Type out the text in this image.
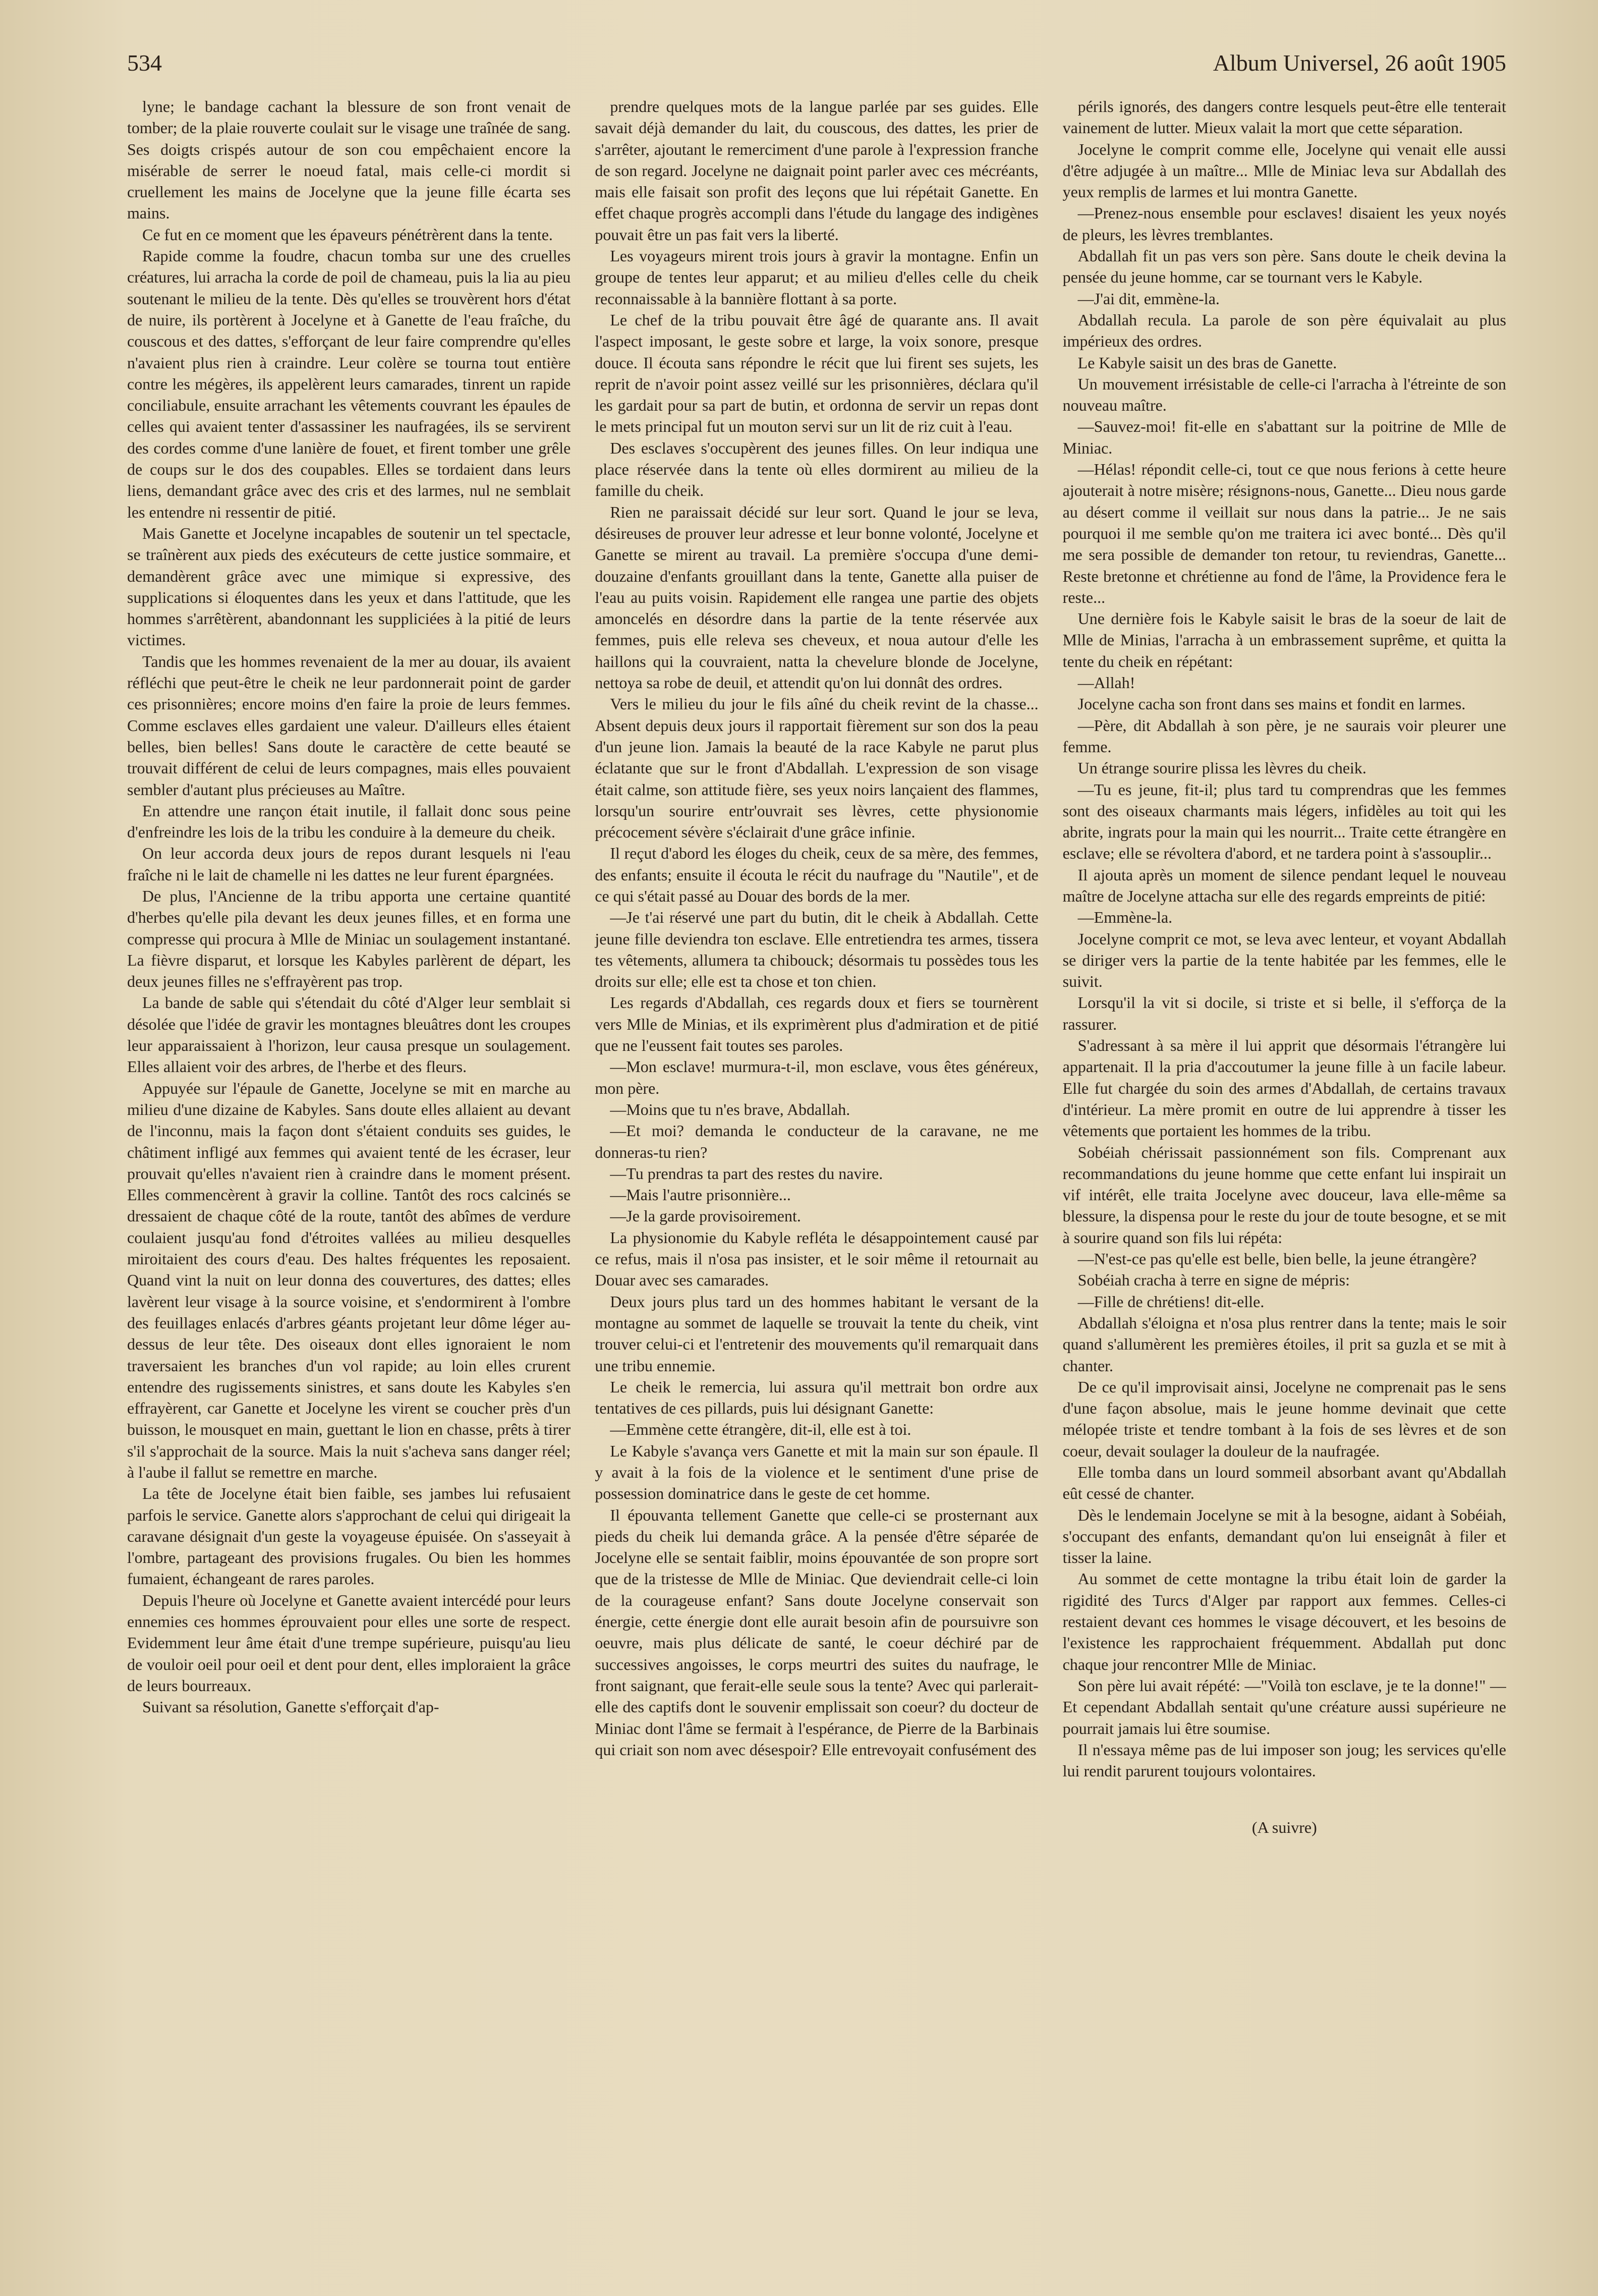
534	Album Universel, 26 août 1905

lyne; le bandage cachant la blessure de son front venait de tomber; de la plaie rouverte coulait sur le visage une traînée de sang. Ses doigts crispés autour de son cou empêchaient encore la misérable de serrer le noeud fatal, mais celle-ci mordit si cruellement les mains de Jocelyne que la jeune fille écarta ses mains.

Ce fut en ce moment que les épaveurs pénétrèrent dans la tente.

Rapide comme la foudre, chacun tomba sur une des cruelles créatures, lui arracha la corde de poil de chameau, puis la lia au pieu soutenant le milieu de la tente. Dès qu'elles se trouvèrent hors d'état de nuire, ils portèrent à Jocelyne et à Ganette de l'eau fraîche, du couscous et des dattes, s'efforçant de leur faire comprendre qu'elles n'avaient plus rien à craindre. Leur colère se tourna tout entière contre les mégères, ils appelèrent leurs camarades, tinrent un rapide conciliabule, ensuite arrachant les vêtements couvrant les épaules de celles qui avaient tenter d'assassiner les naufragées, ils se servirent des cordes comme d'une lanière de fouet, et firent tomber une grêle de coups sur le dos des coupables. Elles se tordaient dans leurs liens, demandant grâce avec des cris et des larmes, nul ne semblait les entendre ni ressentir de pitié.

Mais Ganette et Jocelyne incapables de soutenir un tel spectacle, se traînèrent aux pieds des exécuteurs de cette justice sommaire, et demandèrent grâce avec une mimique si expressive, des supplications si éloquentes dans les yeux et dans l'attitude, que les hommes s'arrêtèrent, abandonnant les suppliciées à la pitié de leurs victimes.

Tandis que les hommes revenaient de la mer au douar, ils avaient réfléchi que peut-être le cheik ne leur pardonnerait point de garder ces prisonnières; encore moins d'en faire la proie de leurs femmes. Comme esclaves elles gardaient une valeur. D'ailleurs elles étaient belles, bien belles! Sans doute le caractère de cette beauté se trouvait différent de celui de leurs compagnes, mais elles pouvaient sembler d'autant plus précieuses au Maître.

En attendre une rançon était inutile, il fallait donc sous peine d'enfreindre les lois de la tribu les conduire à la demeure du cheik.

On leur accorda deux jours de repos durant lesquels ni l'eau fraîche ni le lait de chamelle ni les dattes ne leur furent épargnées.

De plus, l'Ancienne de la tribu apporta une certaine quantité d'herbes qu'elle pila devant les deux jeunes filles, et en forma une compresse qui procura à Mlle de Miniac un soulagement instantané. La fièvre disparut, et lorsque les Kabyles parlèrent de départ, les deux jeunes filles ne s'effrayèrent pas trop.

La bande de sable qui s'étendait du côté d'Alger leur semblait si désolée que l'idée de gravir les montagnes bleuâtres dont les croupes leur apparaissaient à l'horizon, leur causa presque un soulagement. Elles allaient voir des arbres, de l'herbe et des fleurs.

Appuyée sur l'épaule de Ganette, Jocelyne se mit en marche au milieu d'une dizaine de Kabyles. Sans doute elles allaient au devant de l'inconnu, mais la façon dont s'étaient conduits ses guides, le châtiment infligé aux femmes qui avaient tenté de les écraser, leur prouvait qu'elles n'avaient rien à craindre dans le moment présent. Elles commencèrent à gravir la colline. Tantôt des rocs calcinés se dressaient de chaque côté de la route, tantôt des abîmes de verdure coulaient jusqu'au fond d'étroites vallées au milieu desquelles miroitaient des cours d'eau. Des haltes fréquentes les reposaient. Quand vint la nuit on leur donna des couvertures, des dattes; elles lavèrent leur visage à la source voisine, et s'endormirent à l'ombre des feuillages enlacés d'arbres géants projetant leur dôme léger au-dessus de leur tête. Des oiseaux dont elles ignoraient le nom traversaient les branches d'un vol rapide; au loin elles crurent entendre des rugissements sinistres, et sans doute les Kabyles s'en effrayèrent, car Ganette et Jocelyne les virent se coucher près d'un buisson, le mousquet en main, guettant le lion en chasse, prêts à tirer s'il s'approchait de la source. Mais la nuit s'acheva sans danger réel; à l'aube il fallut se remettre en marche.

La tête de Jocelyne était bien faible, ses jambes lui refusaient parfois le service. Ganette alors s'approchant de celui qui dirigeait la caravane désignait d'un geste la voyageuse épuisée. On s'asseyait à l'ombre, partageant des provisions frugales. Ou bien les hommes fumaient, échangeant de rares paroles.

Depuis l'heure où Jocelyne et Ganette avaient intercédé pour leurs ennemies ces hommes éprouvaient pour elles une sorte de respect. Evidemment leur âme était d'une trempe supérieure, puisqu'au lieu de vouloir oeil pour oeil et dent pour dent, elles imploraient la grâce de leurs bourreaux.

Suivant sa résolution, Ganette s'efforçait d'ap-

prendre quelques mots de la langue parlée par ses guides. Elle savait déjà demander du lait, du couscous, des dattes, les prier de s'arrêter, ajoutant le remerciment d'une parole à l'expression franche de son regard. Jocelyne ne daignait point parler avec ces mécréants, mais elle faisait son profit des leçons que lui répétait Ganette. En effet chaque progrès accompli dans l'étude du langage des indigènes pouvait être un pas fait vers la liberté.

Les voyageurs mirent trois jours à gravir la montagne. Enfin un groupe de tentes leur apparut; et au milieu d'elles celle du cheik reconnaissable à la bannière flottant à sa porte.

Le chef de la tribu pouvait être âgé de quarante ans. Il avait l'aspect imposant, le geste sobre et large, la voix sonore, presque douce. Il écouta sans répondre le récit que lui firent ses sujets, les reprit de n'avoir point assez veillé sur les prisonnières, déclara qu'il les gardait pour sa part de butin, et ordonna de servir un repas dont le mets principal fut un mouton servi sur un lit de riz cuit à l'eau.

Des esclaves s'occupèrent des jeunes filles. On leur indiqua une place réservée dans la tente où elles dormirent au milieu de la famille du cheik.

Rien ne paraissait décidé sur leur sort. Quand le jour se leva, désireuses de prouver leur adresse et leur bonne volonté, Jocelyne et Ganette se mirent au travail. La première s'occupa d'une demi-douzaine d'enfants grouillant dans la tente, Ganette alla puiser de l'eau au puits voisin. Rapidement elle rangea une partie des objets amoncelés en désordre dans la partie de la tente réservée aux femmes, puis elle releva ses cheveux, et noua autour d'elle les haillons qui la couvraient, natta la chevelure blonde de Jocelyne, nettoya sa robe de deuil, et attendit qu'on lui donnât des ordres.

Vers le milieu du jour le fils aîné du cheik revint de la chasse... Absent depuis deux jours il rapportait fièrement sur son dos la peau d'un jeune lion. Jamais la beauté de la race Kabyle ne parut plus éclatante que sur le front d'Abdallah. L'expression de son visage était calme, son attitude fière, ses yeux noirs lançaient des flammes, lorsqu'un sourire entr'ouvrait ses lèvres, cette physionomie précocement sévère s'éclairait d'une grâce infinie.

Il reçut d'abord les éloges du cheik, ceux de sa mère, des femmes, des enfants; ensuite il écouta le récit du naufrage du "Nautile", et de ce qui s'était passé au Douar des bords de la mer.

—Je t'ai réservé une part du butin, dit le cheik à Abdallah. Cette jeune fille deviendra ton esclave. Elle entretiendra tes armes, tissera tes vêtements, allumera ta chibouck; désormais tu possèdes tous les droits sur elle; elle est ta chose et ton chien.

Les regards d'Abdallah, ces regards doux et fiers se tournèrent vers Mlle de Minias, et ils exprimèrent plus d'admiration et de pitié que ne l'eussent fait toutes ses paroles.

—Mon esclave! murmura-t-il, mon esclave, vous êtes généreux, mon père.

—Moins que tu n'es brave, Abdallah.

—Et moi? demanda le conducteur de la caravane, ne me donneras-tu rien?

—Tu prendras ta part des restes du navire.

—Mais l'autre prisonnière...

—Je la garde provisoirement.

La physionomie du Kabyle refléta le désappointement causé par ce refus, mais il n'osa pas insister, et le soir même il retournait au Douar avec ses camarades.

Deux jours plus tard un des hommes habitant le versant de la montagne au sommet de laquelle se trouvait la tente du cheik, vint trouver celui-ci et l'entretenir des mouvements qu'il remarquait dans une tribu ennemie.

Le cheik le remercia, lui assura qu'il mettrait bon ordre aux tentatives de ces pillards, puis lui désignant Ganette:

—Emmène cette étrangère, dit-il, elle est à toi.

Le Kabyle s'avança vers Ganette et mit la main sur son épaule. Il y avait à la fois de la violence et le sentiment d'une prise de possession dominatrice dans le geste de cet homme.

Il épouvanta tellement Ganette que celle-ci se prosternant aux pieds du cheik lui demanda grâce. A la pensée d'être séparée de Jocelyne elle se sentait faiblir, moins épouvantée de son propre sort que de la tristesse de Mlle de Miniac. Que deviendrait celle-ci loin de la courageuse enfant? Sans doute Jocelyne conservait son énergie, cette énergie dont elle aurait besoin afin de poursuivre son oeuvre, mais plus délicate de santé, le coeur déchiré par de successives angoisses, le corps meurtri des suites du naufrage, le front saignant, que ferait-elle seule sous la tente? Avec qui parlerait-elle des captifs dont le souvenir emplissait son coeur? du docteur de Miniac dont l'âme se fermait à l'espérance, de Pierre de la Barbinais qui criait son nom avec désespoir? Elle entrevoyait confusément des

périls ignorés, des dangers contre lesquels peut-être elle tenterait vainement de lutter. Mieux valait la mort que cette séparation.

Jocelyne le comprit comme elle, Jocelyne qui venait elle aussi d'être adjugée à un maître... Mlle de Miniac leva sur Abdallah des yeux remplis de larmes et lui montra Ganette.

—Prenez-nous ensemble pour esclaves! disaient les yeux noyés de pleurs, les lèvres tremblantes.

Abdallah fit un pas vers son père. Sans doute le cheik devina la pensée du jeune homme, car se tournant vers le Kabyle.

—J'ai dit, emmène-la.

Abdallah recula. La parole de son père équivalait au plus impérieux des ordres.

Le Kabyle saisit un des bras de Ganette.

Un mouvement irrésistable de celle-ci l'arracha à l'étreinte de son nouveau maître.

—Sauvez-moi! fit-elle en s'abattant sur la poitrine de Mlle de Miniac.

—Hélas! répondit celle-ci, tout ce que nous ferions à cette heure ajouterait à notre misère; résignons-nous, Ganette... Dieu nous garde au désert comme il veillait sur nous dans la patrie... Je ne sais pourquoi il me semble qu'on me traitera ici avec bonté... Dès qu'il me sera possible de demander ton retour, tu reviendras, Ganette... Reste bretonne et chrétienne au fond de l'âme, la Providence fera le reste...

Une dernière fois le Kabyle saisit le bras de la soeur de lait de Mlle de Minias, l'arracha à un embrassement suprême, et quitta la tente du cheik en répétant:

—Allah!

Jocelyne cacha son front dans ses mains et fondit en larmes.

—Père, dit Abdallah à son père, je ne saurais voir pleurer une femme.

Un étrange sourire plissa les lèvres du cheik.

—Tu es jeune, fit-il; plus tard tu comprendras que les femmes sont des oiseaux charmants mais légers, infidèles au toit qui les abrite, ingrats pour la main qui les nourrit... Traite cette étrangère en esclave; elle se révoltera d'abord, et ne tardera point à s'assouplir...

Il ajouta après un moment de silence pendant lequel le nouveau maître de Jocelyne attacha sur elle des regards empreints de pitié:

—Emmène-la.

Jocelyne comprit ce mot, se leva avec lenteur, et voyant Abdallah se diriger vers la partie de la tente habitée par les femmes, elle le suivit.

Lorsqu'il la vit si docile, si triste et si belle, il s'efforça de la rassurer.

S'adressant à sa mère il lui apprit que désormais l'étrangère lui appartenait. Il la pria d'accoutumer la jeune fille à un facile labeur. Elle fut chargée du soin des armes d'Abdallah, de certains travaux d'intérieur. La mère promit en outre de lui apprendre à tisser les vêtements que portaient les hommes de la tribu.

Sobéiah chérissait passionnément son fils. Comprenant aux recommandations du jeune homme que cette enfant lui inspirait un vif intérêt, elle traita Jocelyne avec douceur, lava elle-même sa blessure, la dispensa pour le reste du jour de toute besogne, et se mit à sourire quand son fils lui répéta:

—N'est-ce pas qu'elle est belle, bien belle, la jeune étrangère?

Sobéiah cracha à terre en signe de mépris:

—Fille de chrétiens! dit-elle.

Abdallah s'éloigna et n'osa plus rentrer dans la tente; mais le soir quand s'allumèrent les premières étoiles, il prit sa guzla et se mit à chanter.

De ce qu'il improvisait ainsi, Jocelyne ne comprenait pas le sens d'une façon absolue, mais le jeune homme devinait que cette mélopée triste et tendre tombant à la fois de ses lèvres et de son coeur, devait soulager la douleur de la naufragée.

Elle tomba dans un lourd sommeil absorbant avant qu'Abdallah eût cessé de chanter.

Dès le lendemain Jocelyne se mit à la besogne, aidant à Sobéiah, s'occupant des enfants, demandant qu'on lui enseignât à filer et tisser la laine.

Au sommet de cette montagne la tribu était loin de garder la rigidité des Turcs d'Alger par rapport aux femmes. Celles-ci restaient devant ces hommes le visage découvert, et les besoins de l'existence les rapprochaient fréquemment. Abdallah put donc chaque jour rencontrer Mlle de Miniac.

Son père lui avait répété: —"Voilà ton esclave, je te la donne!" — Et cependant Abdallah sentait qu'une créature aussi supérieure ne pourrait jamais lui être soumise.

Il n'essaya même pas de lui imposer son joug; les services qu'elle lui rendit parurent toujours volontaires.

(A suivre)
